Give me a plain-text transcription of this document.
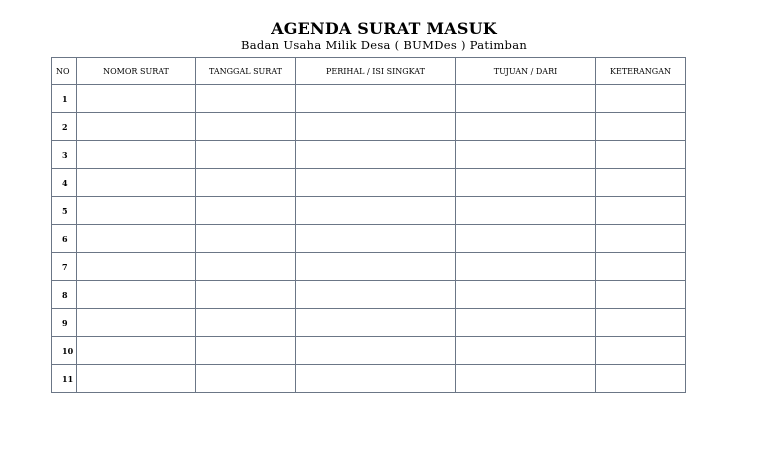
AGENDA SURAT MASUK
Badan Usaha Milik Desa ( BUMDes ) Patimban
NO	NOMOR SURAT	TANGGAL SURAT	PERIHAL / ISI SINGKAT	TUJUAN / DARI	KETERANGAN
1					
2					
3					
4					
5					
6					
7					
8					
9					
10					
11					
